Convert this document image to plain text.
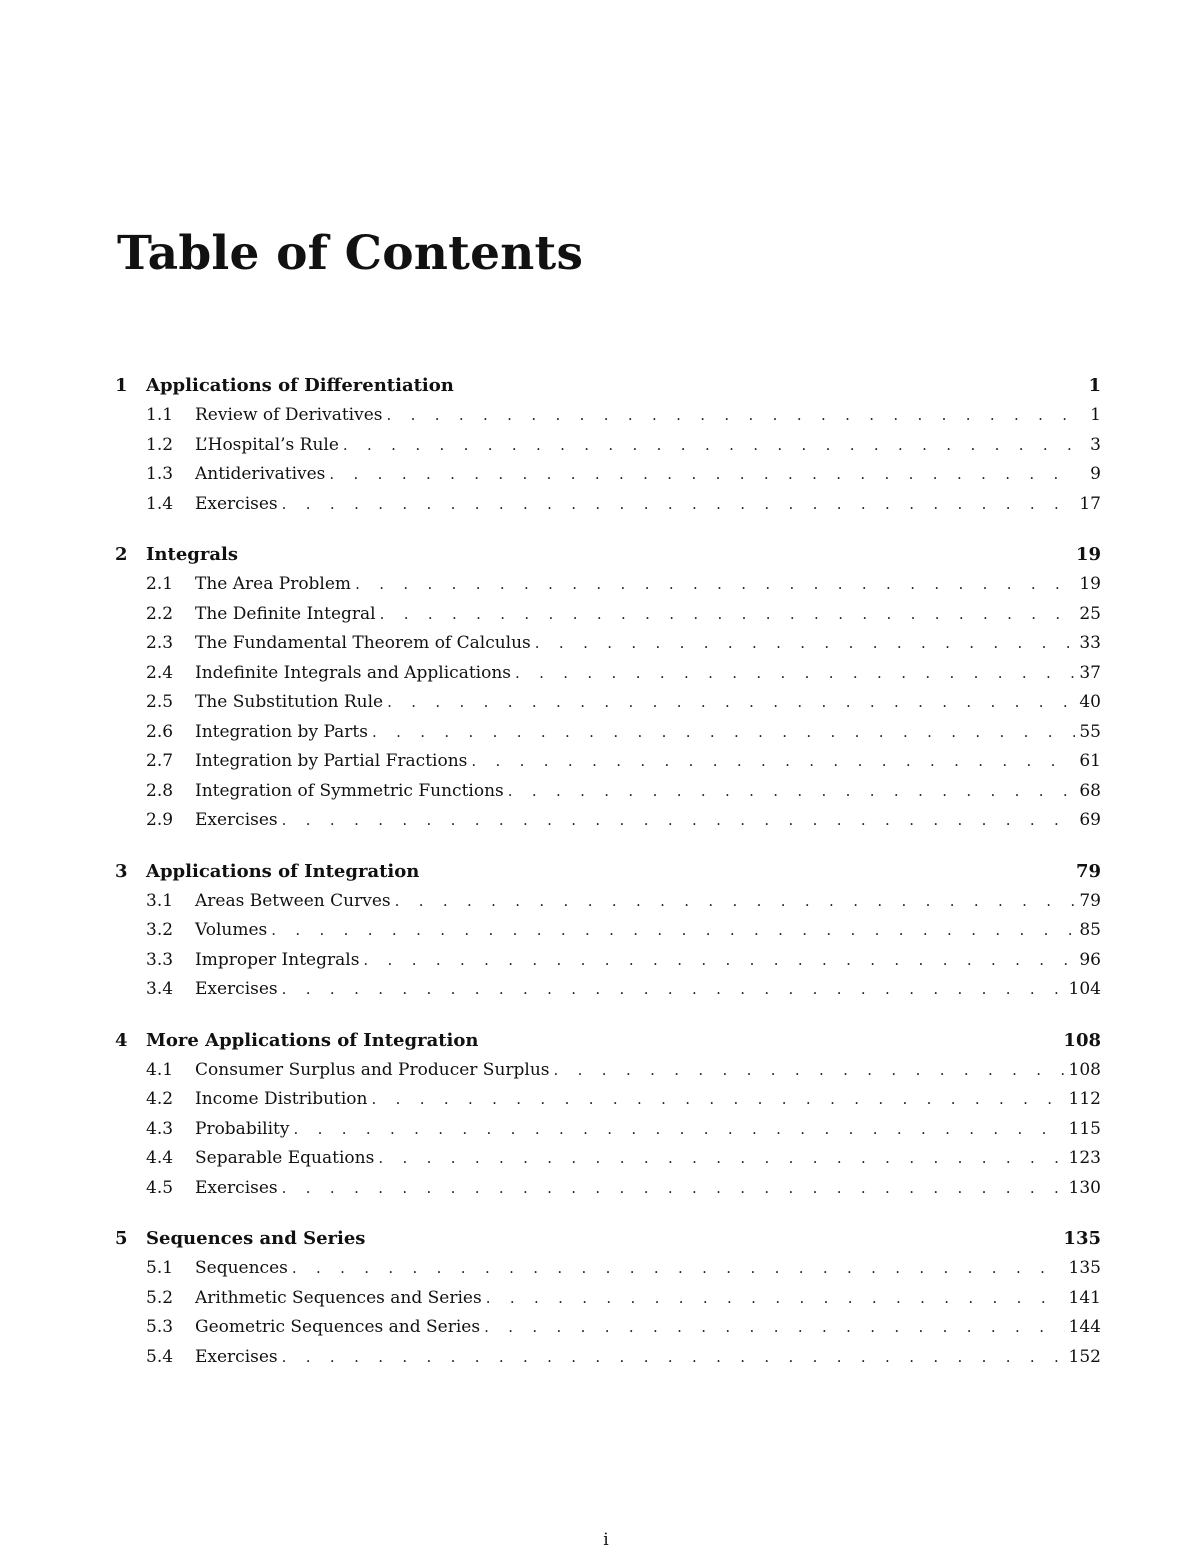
Table of Contents
1	Applications of Differentiation	1
1.1	Review of Derivatives . . .	1
1.2	L’Hospital’s Rule . . .	3
1.3	Antiderivatives . . .	9
1.4	Exercises . . .	17
2	Integrals	19
2.1	The Area Problem . . .	19
2.2	The Definite Integral . . .	25
2.3	The Fundamental Theorem of Calculus . . .	33
2.4	Indefinite Integrals and Applications . . .	37
2.5	The Substitution Rule . . .	40
2.6	Integration by Parts . . .	55
2.7	Integration by Partial Fractions . . .	61
2.8	Integration of Symmetric Functions . . .	68
2.9	Exercises . . .	69
3	Applications of Integration	79
3.1	Areas Between Curves . . .	79
3.2	Volumes . . .	85
3.3	Improper Integrals . . .	96
3.4	Exercises . . .	104
4	More Applications of Integration	108
4.1	Consumer Surplus and Producer Surplus . . .	108
4.2	Income Distribution . . .	112
4.3	Probability . . .	115
4.4	Separable Equations . . .	123
4.5	Exercises . . .	130
5	Sequences and Series	135
5.1	Sequences . . .	135
5.2	Arithmetic Sequences and Series . . .	141
5.3	Geometric Sequences and Series . . .	144
5.4	Exercises . . .	152
i
